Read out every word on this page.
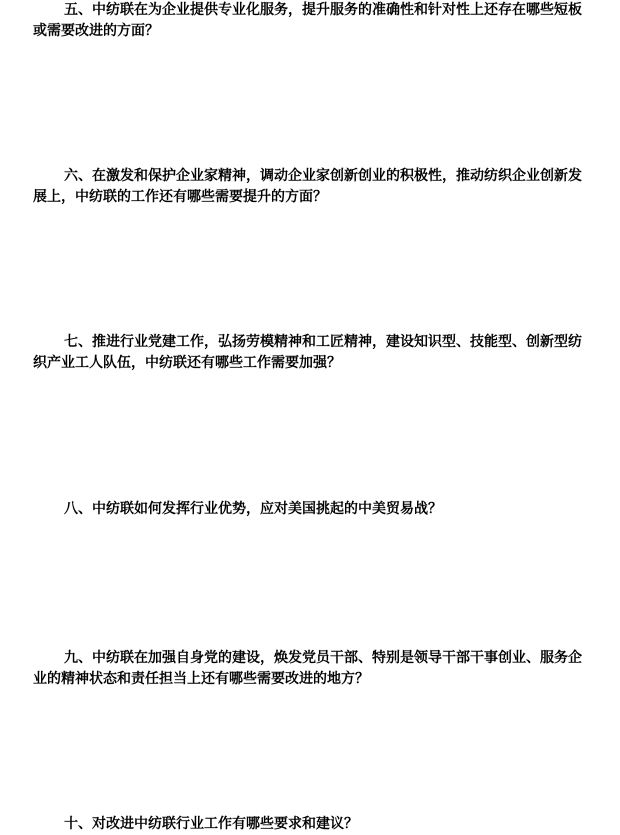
五、中纺联在为企业提供专业化服务，提升服务的准确性和针对性上还存在哪些短板或需要改进的方面？

六、在激发和保护企业家精神，调动企业家创新创业的积极性，推动纺织企业创新发展上，中纺联的工作还有哪些需要提升的方面？

七、推进行业党建工作，弘扬劳模精神和工匠精神，建设知识型、技能型、创新型纺织产业工人队伍，中纺联还有哪些工作需要加强？

八、中纺联如何发挥行业优势，应对美国挑起的中美贸易战？

九、中纺联在加强自身党的建设，焕发党员干部、特别是领导干部干事创业、服务企业的精神状态和责任担当上还有哪些需要改进的地方？

十、对改进中纺联行业工作有哪些要求和建议？
